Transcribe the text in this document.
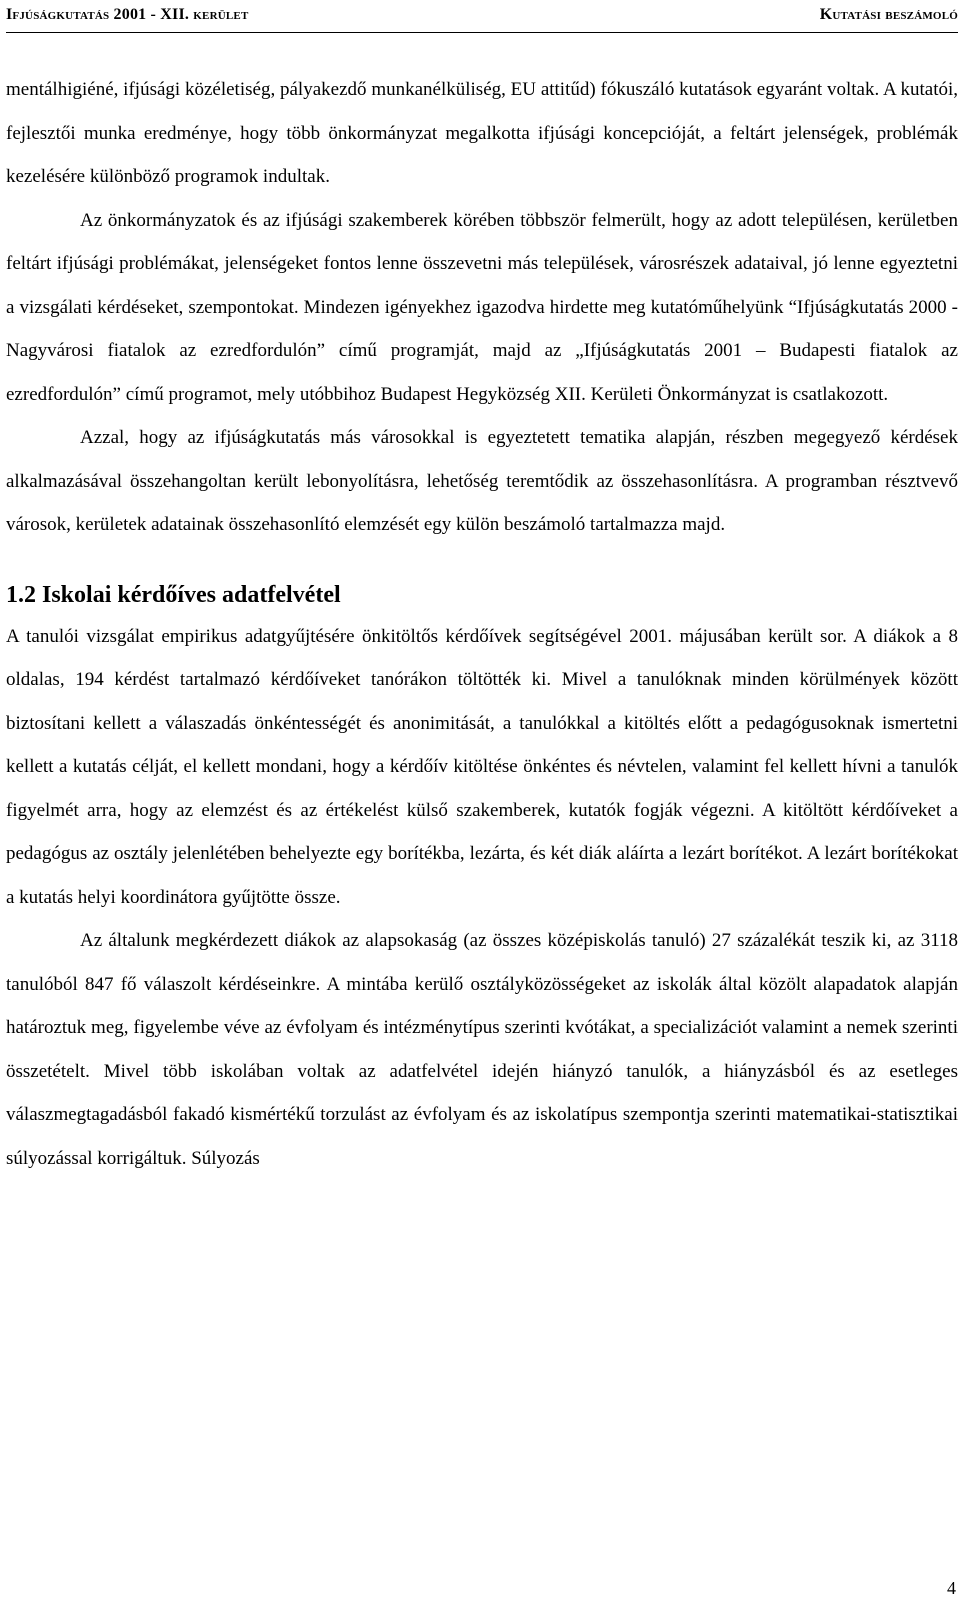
Ifjúságkutatás 2001 - XII. kerület	Kutatási beszámoló

mentálhigiéné, ifjúsági közéletiség, pályakezdő munkanélküliség, EU attitűd) fókuszáló kutatások egyaránt voltak. A kutatói, fejlesztői munka eredménye, hogy több önkormányzat megalkotta ifjúsági koncepcióját, a feltárt jelenségek, problémák kezelésére különböző programok indultak.

Az önkormányzatok és az ifjúsági szakemberek körében többször felmerült, hogy az adott településen, kerületben feltárt ifjúsági problémákat, jelenségeket fontos lenne összevetni más települések, városrészek adataival, jó lenne egyeztetni a vizsgálati kérdéseket, szempontokat. Mindezen igényekhez igazodva hirdette meg kutatóműhelyünk “Ifjúságkutatás 2000 - Nagyvárosi fiatalok az ezredfordulón” című programját, majd az „Ifjúságkutatás 2001 – Budapesti fiatalok az ezredfordulón” című programot, mely utóbbihoz Budapest Hegyközség XII. Kerületi Önkormányzat is csatlakozott.

Azzal, hogy az ifjúságkutatás más városokkal is egyeztetett tematika alapján, részben megegyező kérdések alkalmazásával összehangoltan került lebonyolításra, lehetőség teremtődik az összehasonlításra. A programban résztvevő városok, kerületek adatainak összehasonlító elemzését egy külön beszámoló tartalmazza majd.

1.2 Iskolai kérdőíves adatfelvétel

A tanulói vizsgálat empirikus adatgyűjtésére önkitöltős kérdőívek segítségével 2001. májusában került sor. A diákok a 8 oldalas, 194 kérdést tartalmazó kérdőíveket tanórákon töltötték ki. Mivel a tanulóknak minden körülmények között biztosítani kellett a válaszadás önkéntességét és anonimitását, a tanulókkal a kitöltés előtt a pedagógusoknak ismertetni kellett a kutatás célját, el kellett mondani, hogy a kérdőív kitöltése önkéntes és névtelen, valamint fel kellett hívni a tanulók figyelmét arra, hogy az elemzést és az értékelést külső szakemberek, kutatók fogják végezni. A kitöltött kérdőíveket a pedagógus az osztály jelenlétében behelyezte egy borítékba, lezárta, és két diák aláírta a lezárt borítékot. A lezárt borítékokat a kutatás helyi koordinátora gyűjtötte össze.

Az általunk megkérdezett diákok az alapsokaság (az összes középiskolás tanuló) 27 százalékát teszik ki, az 3118 tanulóból 847 fő válaszolt kérdéseinkre. A mintába kerülő osztályközösségeket az iskolák által közölt alapadatok alapján határoztuk meg, figyelembe véve az évfolyam és intézménytípus szerinti kvótákat, a specializációt valamint a nemek szerinti összetételt. Mivel több iskolában voltak az adatfelvétel idején hiányzó tanulók, a hiányzásból és az esetleges válaszmegtagadásból fakadó kismértékű torzulást az évfolyam és az iskolatípus szempontja szerinti matematikai-statisztikai súlyozással korrigáltuk. Súlyozás

4
